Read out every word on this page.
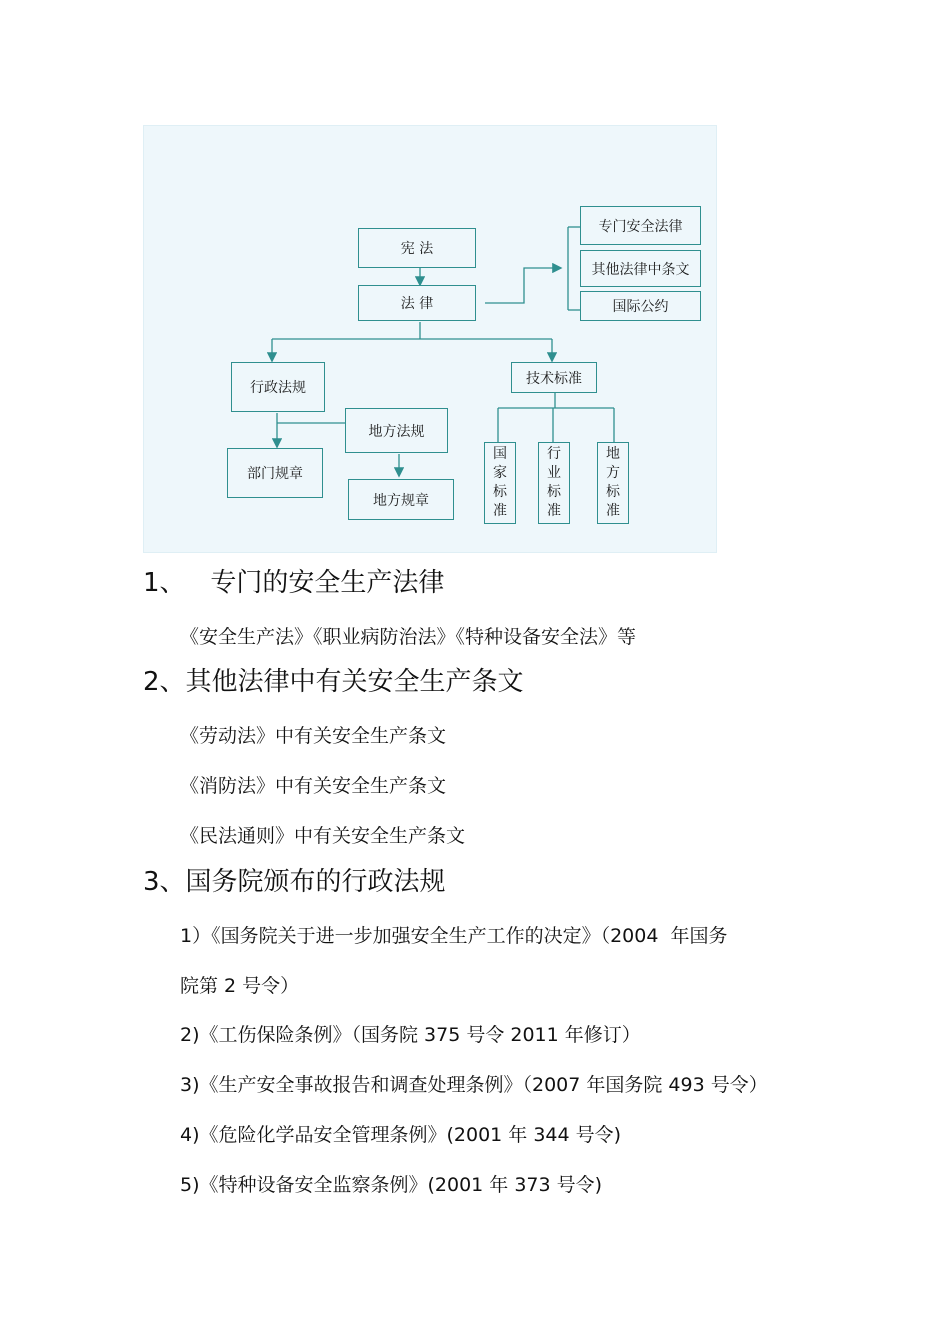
宪 法
法 律
专门安全法律
其他法律中条文
国际公约
行政法规
技术标准
地方法规
部门规章
地方规章
国
家
标
准
行
业
标
准
地
方
标
准
1、   专门的安全生产法律
《安全生产法》《职业病防治法》《特种设备安全法》等
2、其他法律中有关安全生产条文
《劳动法》中有关安全生产条文
《消防法》中有关安全生产条文
《民法通则》中有关安全生产条文
3、国务院颁布的行政法规
1）《国务院关于进一步加强安全生产工作的决定》（2004  年国务
院第 2 号令）
2)《工伤保险条例》（国务院 375 号令 2011 年修订）
3)《生产安全事故报告和调查处理条例》（2007 年国务院 493 号令）
4)《危险化学品安全管理条例》(2001 年 344 号令)
5)《特种设备安全监察条例》(2001 年 373 号令)
